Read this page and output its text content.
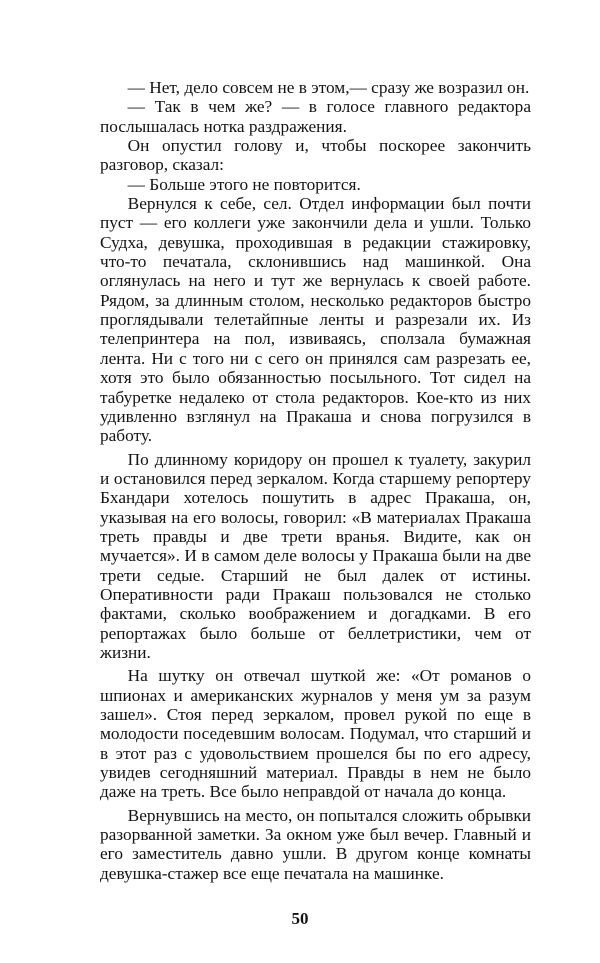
— Нет, дело совсем не в этом,— сразу же возразил он.

— Так в чем же? — в голосе главного редактора послышалась нотка раздражения.

Он опустил голову и, чтобы поскорее закончить разговор, сказал:

— Больше этого не повторится.

Вернулся к себе, сел. Отдел информации был почти пуст — его коллеги уже закончили дела и ушли. Только Судха, девушка, проходившая в редакции стажировку, что-то печатала, склонившись над машинкой. Она оглянулась на него и тут же вернулась к своей работе. Рядом, за длинным столом, несколько редакторов быстро проглядывали телетайпные ленты и разрезали их. Из телепринтера на пол, извиваясь, сползала бумажная лента. Ни с того ни с сего он принялся сам разрезать ее, хотя это было обязанностью посыльного. Тот сидел на табуретке недалеко от стола редакторов. Кое-кто из них удивленно взглянул на Пракаша и снова погрузился в работу.

По длинному коридору он прошел к туалету, закурил и остановился перед зеркалом. Когда старшему репортеру Бхандари хотелось пошутить в адрес Пракаша, он, указывая на его волосы, говорил: «В материалах Пракаша треть правды и две трети вранья. Видите, как он мучается». И в самом деле волосы у Пракаша были на две трети седые. Старший не был далек от истины. Оперативности ради Пракаш пользовался не столько фактами, сколько воображением и догадками. В его репортажах было больше от беллетристики, чем от жизни.

На шутку он отвечал шуткой же: «От романов о шпионах и американских журналов у меня ум за разум зашел». Стоя перед зеркалом, провел рукой по еще в молодости поседевшим волосам. Подумал, что старший и в этот раз с удовольствием прошелся бы по его адресу, увидев сегодняшний материал. Правды в нем не было даже на треть. Все было неправдой от начала до конца.

Вернувшись на место, он попытался сложить обрывки разорванной заметки. За окном уже был вечер. Главный и его заместитель давно ушли. В другом конце комнаты девушка-стажер все еще печатала на машинке.

50
